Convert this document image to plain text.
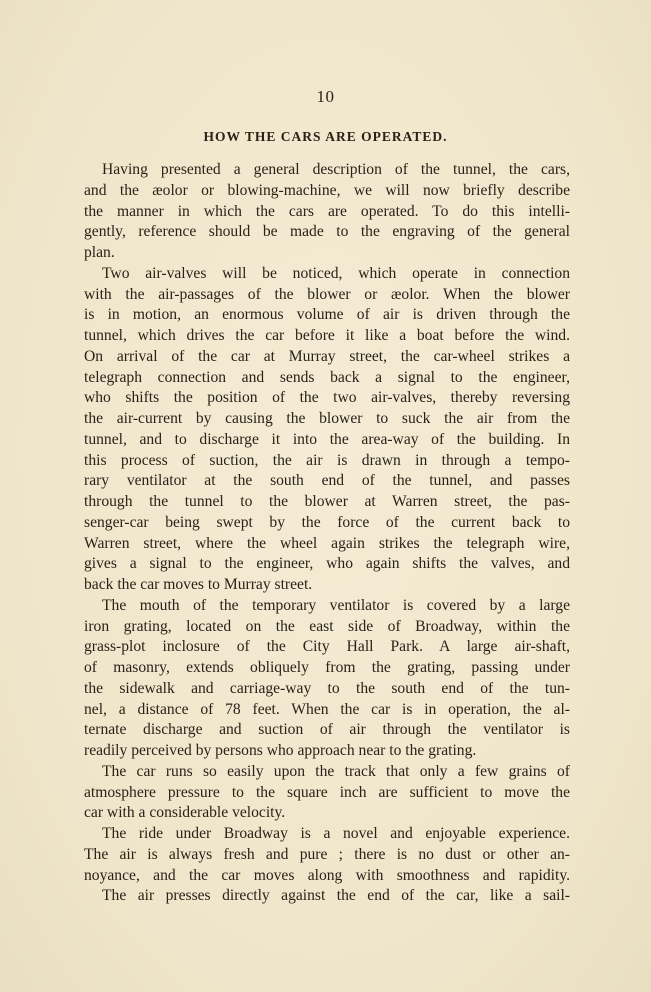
10
HOW THE CARS ARE OPERATED.
Having presented a general description of the tunnel, the cars,
and the æolor or blowing-machine, we will now briefly describe
the manner in which the cars are operated. To do this intelli-
gently, reference should be made to the engraving of the general
plan.
Two air-valves will be noticed, which operate in connection
with the air-passages of the blower or æolor. When the blower
is in motion, an enormous volume of air is driven through the
tunnel, which drives the car before it like a boat before the wind.
On arrival of the car at Murray street, the car-wheel strikes a
telegraph connection and sends back a signal to the engineer,
who shifts the position of the two air-valves, thereby reversing
the air-current by causing the blower to suck the air from the
tunnel, and to discharge it into the area-way of the building. In
this process of suction, the air is drawn in through a tempo-
rary ventilator at the south end of the tunnel, and passes
through the tunnel to the blower at Warren street, the pas-
senger-car being swept by the force of the current back to
Warren street, where the wheel again strikes the telegraph wire,
gives a signal to the engineer, who again shifts the valves, and
back the car moves to Murray street.
The mouth of the temporary ventilator is covered by a large
iron grating, located on the east side of Broadway, within the
grass-plot inclosure of the City Hall Park. A large air-shaft,
of masonry, extends obliquely from the grating, passing under
the sidewalk and carriage-way to the south end of the tun-
nel, a distance of 78 feet. When the car is in operation, the al-
ternate discharge and suction of air through the ventilator is
readily perceived by persons who approach near to the grating.
The car runs so easily upon the track that only a few grains of
atmosphere pressure to the square inch are sufficient to move the
car with a considerable velocity.
The ride under Broadway is a novel and enjoyable experience.
The air is always fresh and pure ; there is no dust or other an-
noyance, and the car moves along with smoothness and rapidity.
The air presses directly against the end of the car, like a sail-
